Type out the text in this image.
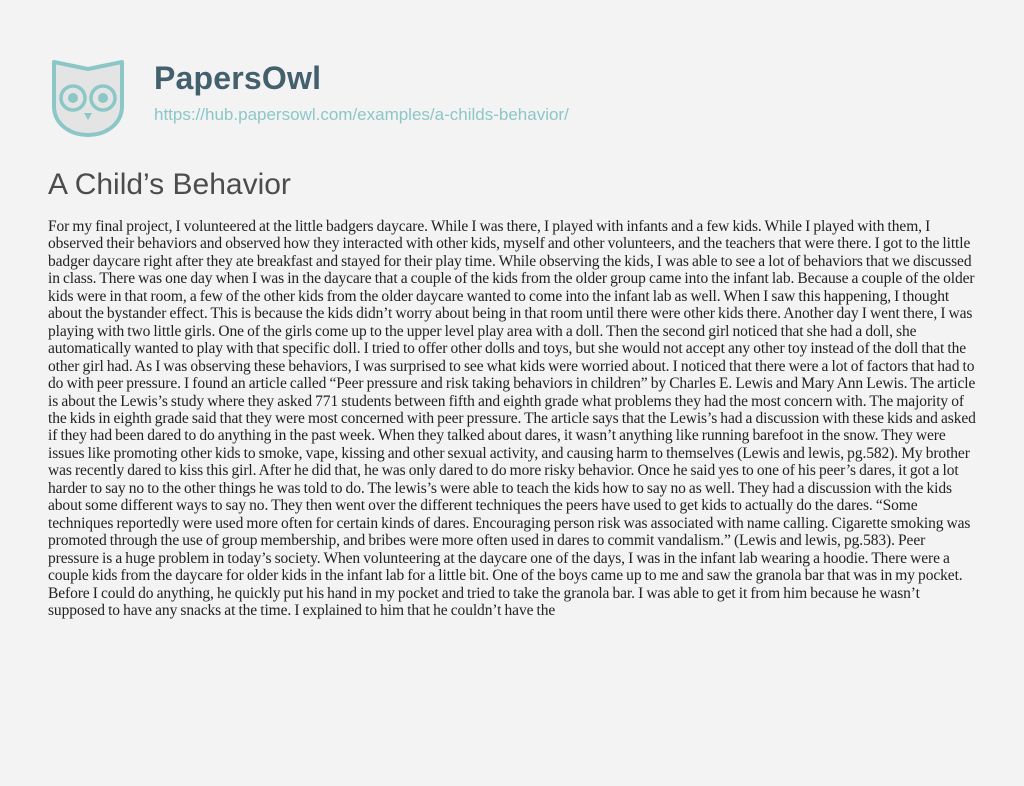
PapersOwl
https://hub.papersowl.com/examples/a-childs-behavior/
A Child’s Behavior

For my final project, I volunteered at the little badgers daycare. While I was there, I played with infants and a few kids. While I played with them, I observed their behaviors and observed how they interacted with other kids, myself and other volunteers, and the teachers that were there. I got to the little badger daycare right after they ate breakfast and stayed for their play time. While observing the kids, I was able to see a lot of behaviors that we discussed in class. There was one day when I was in the daycare that a couple of the kids from the older group came into the infant lab. Because a couple of the older kids were in that room, a few of the other kids from the older daycare wanted to come into the infant lab as well. When I saw this happening, I thought about the bystander effect. This is because the kids didn’t worry about being in that room until there were other kids there. Another day I went there, I was playing with two little girls. One of the girls come up to the upper level play area with a doll. Then the second girl noticed that she had a doll, she automatically wanted to play with that specific doll. I tried to offer other dolls and toys, but she would not accept any other toy instead of the doll that the other girl had. As I was observing these behaviors, I was surprised to see what kids were worried about. I noticed that there were a lot of factors that had to do with peer pressure. I found an article called “Peer pressure and risk taking behaviors in children” by Charles E. Lewis and Mary Ann Lewis. The article is about the Lewis’s study where they asked 771 students between fifth and eighth grade what problems they had the most concern with. The majority of the kids in eighth grade said that they were most concerned with peer pressure. The article says that the Lewis’s had a discussion with these kids and asked if they had been dared to do anything in the past week. When they talked about dares, it wasn’t anything like running barefoot in the snow. They were issues like promoting other kids to smoke, vape, kissing and other sexual activity, and causing harm to themselves (Lewis and lewis, pg.582). My brother was recently dared to kiss this girl. After he did that, he was only dared to do more risky behavior. Once he said yes to one of his peer’s dares, it got a lot harder to say no to the other things he was told to do. The lewis’s were able to teach the kids how to say no as well. They had a discussion with the kids about some different ways to say no. They then went over the different techniques the peers have used to get kids to actually do the dares. “Some techniques reportedly were used more often for certain kinds of dares. Encouraging person risk was associated with name calling. Cigarette smoking was promoted through the use of group membership, and bribes were more often used in dares to commit vandalism.” (Lewis and lewis, pg.583). Peer pressure is a huge problem in today’s society. When volunteering at the daycare one of the days, I was in the infant lab wearing a hoodie. There were a couple kids from the daycare for older kids in the infant lab for a little bit. One of the boys came up to me and saw the granola bar that was in my pocket. Before I could do anything, he quickly put his hand in my pocket and tried to take the granola bar. I was able to get it from him because he wasn’t supposed to have any snacks at the time. I explained to him that he couldn’t have the
